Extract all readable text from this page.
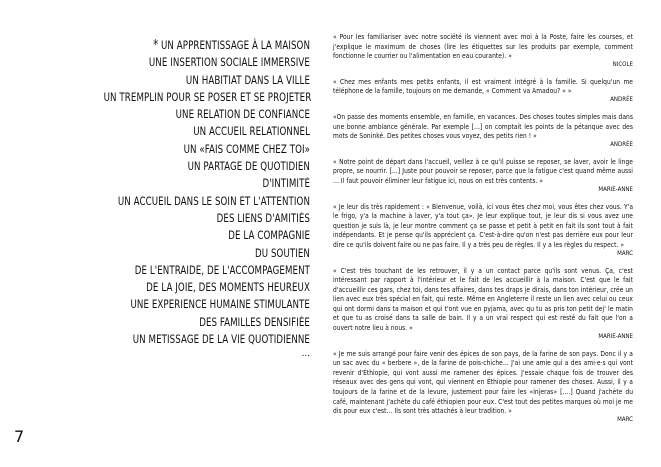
* UN APPRENTISSAGE À LA MAISON
UNE INSERTION SOCIALE IMMERSIVE
UN HABITIAT DANS LA VILLE
UN TREMPLIN POUR SE POSER ET SE PROJETER
UNE RELATION DE CONFIANCE
UN ACCUEIL RELATIONNEL
UN «FAIS COMME CHEZ TOI»
UN PARTAGE DE QUOTIDIEN
D'INTIMITÉ
UN ACCUEIL DANS LE SOIN ET L'ATTENTION
DES LIENS D'AMITIÉS
DE LA COMPAGNIE
DU SOUTIEN
DE L'ENTRAIDE, DE L'ACCOMPAGEMENT
DE LA JOIE, DES MOMENTS HEUREUX
UNE EXPERIENCE HUMAINE STIMULANTE
DES FAMILLES DENSIFIÉE
UN METISSAGE DE LA VIE QUOTIDIENNE
...
7
« Pour les familiariser avec notre société ils viennent avec moi à la Poste, faire les courses, et j'explique le maximum de choses (lire les étiquettes sur les produits par exemple, comment fonctionne le courrier ou l'alimentation en eau courante). »
NICOLE
« Chez mes enfants mes petits enfants, il est vraiment intégré à la famille. Si quelqu'un me téléphone de la famille, toujours on me demande, « Comment va Amadou? » »
ANDRÉE
«On passe des moments ensemble, en famille, en vacances. Des choses toutes simples mais dans une bonne ambiance générale. Par exemple […] on comptait les points de la pétanque avec des mots de Soninké. Des petites choses vous voyez, des petits rien ! »
ANDRÉE
« Notre point de départ dans l'accueil, veillez à ce qu'il puisse se reposer, se laver, avoir le linge propre, se nourrir. […] Juste pour pouvoir se reposer, parce que la fatigue c'est quand même aussi … Il faut pouvoir éliminer leur fatigue ici, nous on est très contents. »
MARIE-ANNE
« Je leur dis très rapidement : « Bienvenue, voilà, ici vous êtes chez moi, vous êtes chez vous. Y'a le frigo, y'a la machine à laver, y'a tout ça». Je leur explique tout, je leur dis si vous avez une question je suis là, je leur montre comment ça se passe et petit à petit en fait ils sont tout à fait indépendants. Et je pense qu'ils apprécient ça. C'est-à-dire qu'on n'est pas derrière eux pour leur dire ce qu'ils doivent faire ou ne pas faire. Il y a très peu de règles. Il y a les règles du respect. »
MARC
« C'est très touchant de les retrouver, il y a un contact parce qu'ils sont venus. Ça, c'est intéressant par rapport à l'intérieur et le fait de les accueillir à la maison. C'est que le fait d'accueillir ces gars, chez toi, dans tes affaires, dans tes draps je dirais, dans ton intérieur, crée un lien avec eux très spécial en fait, qui reste. Même en Angleterre il reste un lien avec celui ou ceux qui ont dormi dans ta maison et qui t'ont vue en pyjama, avec qu tu as pris ton petit dej' le matin et que tu as croisé dans ta salle de bain. Il y a un vrai respect qui est resté du fait que l'on a ouvert notre lieu à nous. »
MARIE-ANNE
« Je me suis arrangé pour faire venir des épices de son pays, de la farine de son pays. Donc il y a un sac avec du « berbere », de la farine de pois-chiche… J'ai une amie qui a des ami·e·s qui vont revenir d'Éthiopie, qui vont aussi me ramener des épices. J'essaie chaque fois de trouver des réseaux avec des gens qui vont, qui viennent en Éthiopie pour ramener des choses. Aussi, il y a toujours de la farine et de la levure, justement pour faire les «injeras» [….] Quand j'achète du café, maintenant j'achète du café éthiopien pour eux. C'est tout des petites marques où moi je me dis pour eux c'est… Ils sont très attachés à leur tradition. »
MARC
